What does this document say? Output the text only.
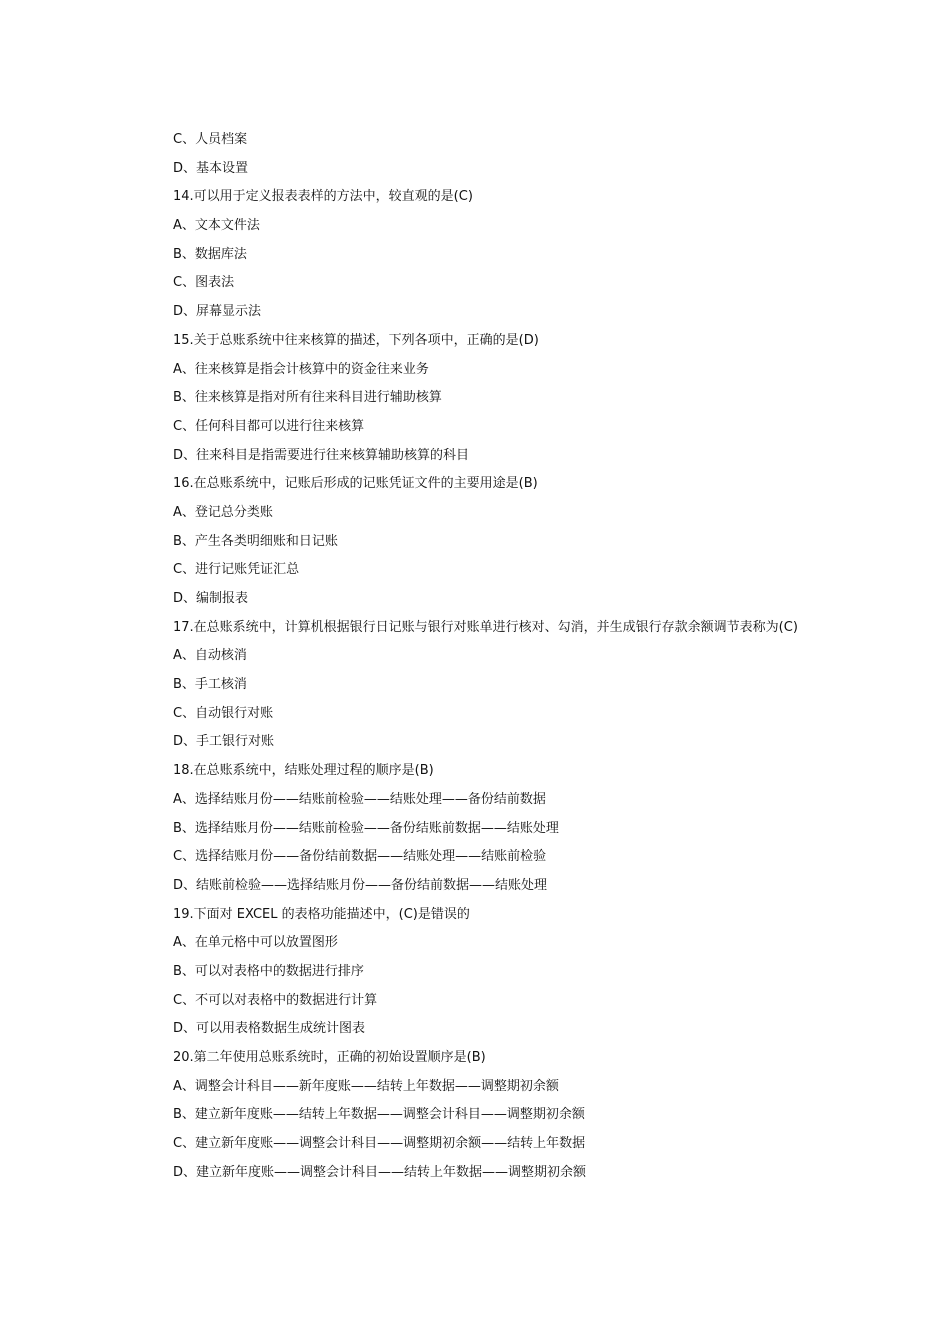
C、人员档案
D、基本设置
14.可以用于定义报表表样的方法中，较直观的是(C)
A、文本文件法
B、数据库法
C、图表法
D、屏幕显示法
15.关于总账系统中往来核算的描述，下列各项中，正确的是(D)
A、往来核算是指会计核算中的资金往来业务
B、往来核算是指对所有往来科目进行辅助核算
C、任何科目都可以进行往来核算
D、往来科目是指需要进行往来核算辅助核算的科目
16.在总账系统中，记账后形成的记账凭证文件的主要用途是(B)
A、登记总分类账
B、产生各类明细账和日记账
C、进行记账凭证汇总
D、编制报表
17.在总账系统中，计算机根据银行日记账与银行对账单进行核对、勾消，并生成银行存款余额调节表称为(C)
A、自动核消
B、手工核消
C、自动银行对账
D、手工银行对账
18.在总账系统中，结账处理过程的顺序是(B)
A、选择结账月份——结账前检验——结账处理——备份结前数据
B、选择结账月份——结账前检验——备份结账前数据——结账处理
C、选择结账月份——备份结前数据——结账处理——结账前检验
D、结账前检验——选择结账月份——备份结前数据——结账处理
19.下面对 EXCEL 的表格功能描述中，(C)是错误的
A、在单元格中可以放置图形
B、可以对表格中的数据进行排序
C、不可以对表格中的数据进行计算
D、可以用表格数据生成统计图表
20.第二年使用总账系统时，正确的初始设置顺序是(B)
A、调整会计科目——新年度账——结转上年数据——调整期初余额
B、建立新年度账——结转上年数据——调整会计科目——调整期初余额
C、建立新年度账——调整会计科目——调整期初余额——结转上年数据
D、建立新年度账——调整会计科目——结转上年数据——调整期初余额
